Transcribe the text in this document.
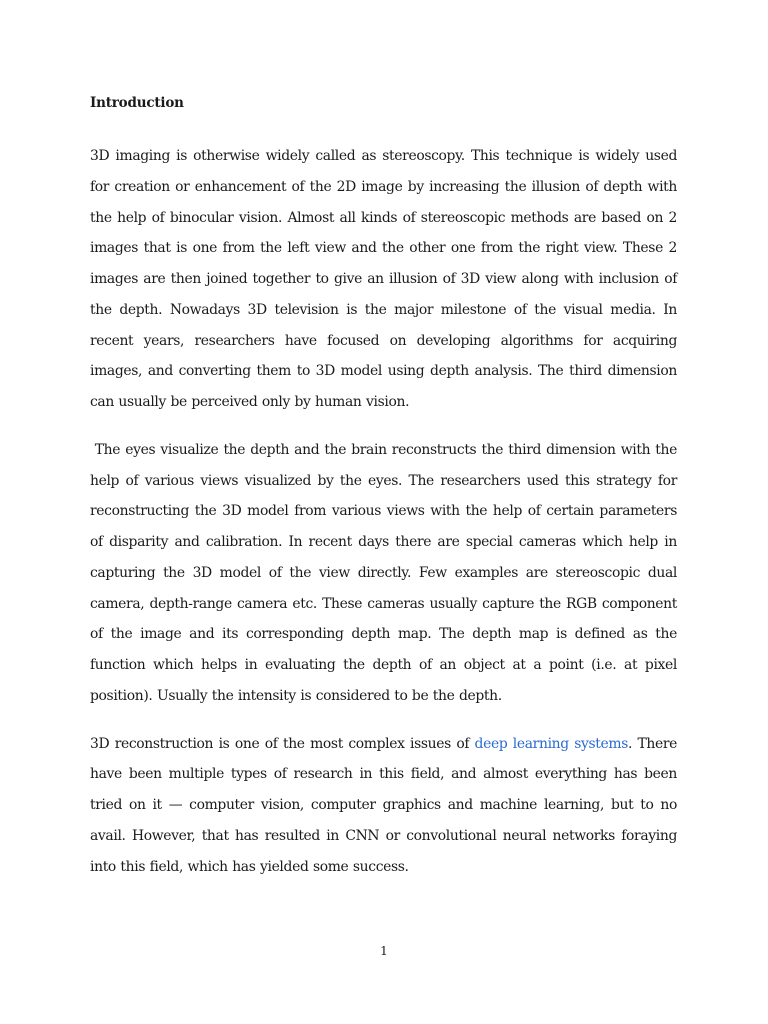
Introduction

3D imaging is otherwise widely called as stereoscopy. This technique is widely used for creation or enhancement of the 2D image by increasing the illusion of depth with the help of binocular vision. Almost all kinds of stereoscopic methods are based on 2 images that is one from the left view and the other one from the right view. These 2 images are then joined together to give an illusion of 3D view along with inclusion of the depth. Nowadays 3D television is the major milestone of the visual media. In recent years, researchers have focused on developing algorithms for acquiring images, and converting them to 3D model using depth analysis. The third dimension can usually be perceived only by human vision.

The eyes visualize the depth and the brain reconstructs the third dimension with the help of various views visualized by the eyes. The researchers used this strategy for reconstructing the 3D model from various views with the help of certain parameters of disparity and calibration. In recent days there are special cameras which help in capturing the 3D model of the view directly. Few examples are stereoscopic dual camera, depth-range camera etc. These cameras usually capture the RGB component of the image and its corresponding depth map. The depth map is defined as the function which helps in evaluating the depth of an object at a point (i.e. at pixel position). Usually the intensity is considered to be the depth.

3D reconstruction is one of the most complex issues of deep learning systems. There have been multiple types of research in this field, and almost everything has been tried on it — computer vision, computer graphics and machine learning, but to no avail. However, that has resulted in CNN or convolutional neural networks foraying into this field, which has yielded some success.

1
